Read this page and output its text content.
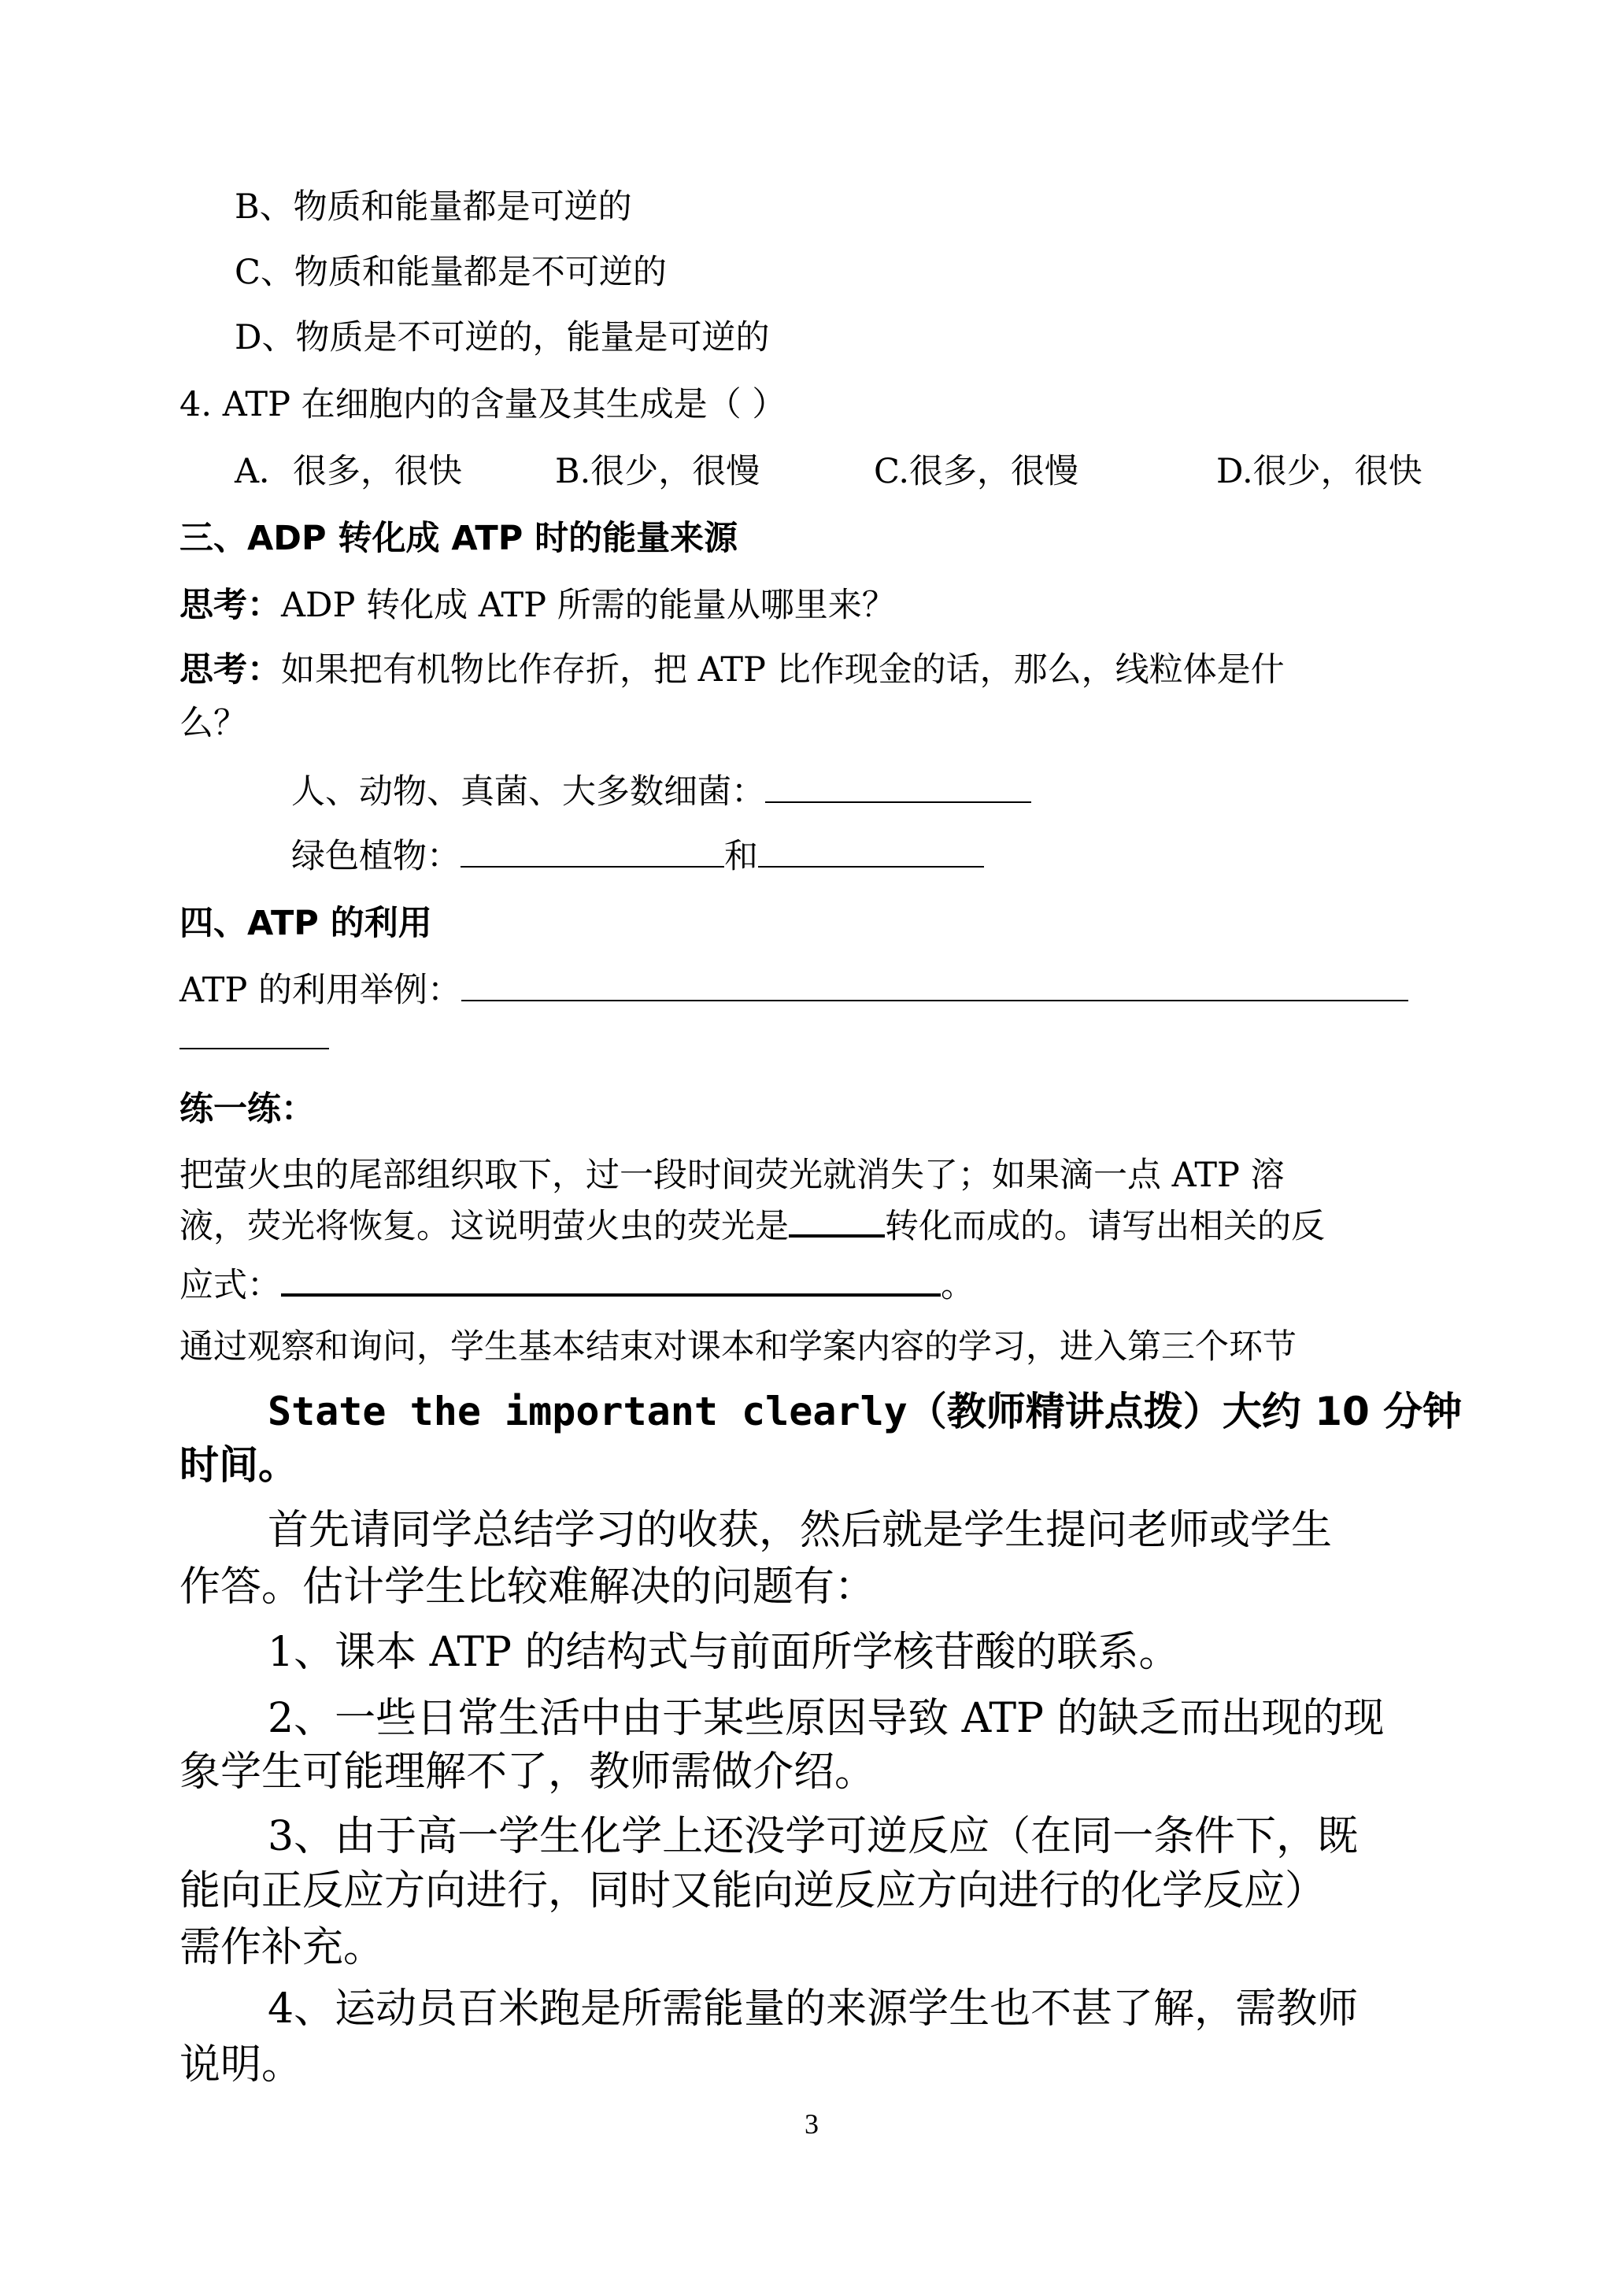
B、物质和能量都是可逆的
C、物质和能量都是不可逆的
D、物质是不可逆的，能量是可逆的
4. ATP 在细胞内的含量及其生成是（ ）
A．很多，很快	B.很少，很慢	C.很多，很慢	D.很少，很快
三、ADP 转化成 ATP 时的能量来源
思考：ADP 转化成 ATP 所需的能量从哪里来？
思考：如果把有机物比作存折，把 ATP 比作现金的话，那么，线粒体是什
么？
人、动物、真菌、大多数细菌：
绿色植物：	和
四、ATP 的利用
ATP 的利用举例：
练一练：
把萤火虫的尾部组织取下，过一段时间荧光就消失了；如果滴一点 ATP 溶
液，荧光将恢复。这说明萤火虫的荧光是	转化而成的。请写出相关的反
应式：	。
通过观察和询问，学生基本结束对课本和学案内容的学习，进入第三个环节
State the important clearly（教师精讲点拨）大约 10 分钟
时间。
首先请同学总结学习的收获，然后就是学生提问老师或学生
作答。估计学生比较难解决的问题有：
1、课本 ATP 的结构式与前面所学核苷酸的联系。
2、一些日常生活中由于某些原因导致 ATP 的缺乏而出现的现
象学生可能理解不了，教师需做介绍。
3、由于高一学生化学上还没学可逆反应（在同一条件下，既
能向正反应方向进行，同时又能向逆反应方向进行的化学反应）
需作补充。
4、运动员百米跑是所需能量的来源学生也不甚了解，需教师
说明。
3
